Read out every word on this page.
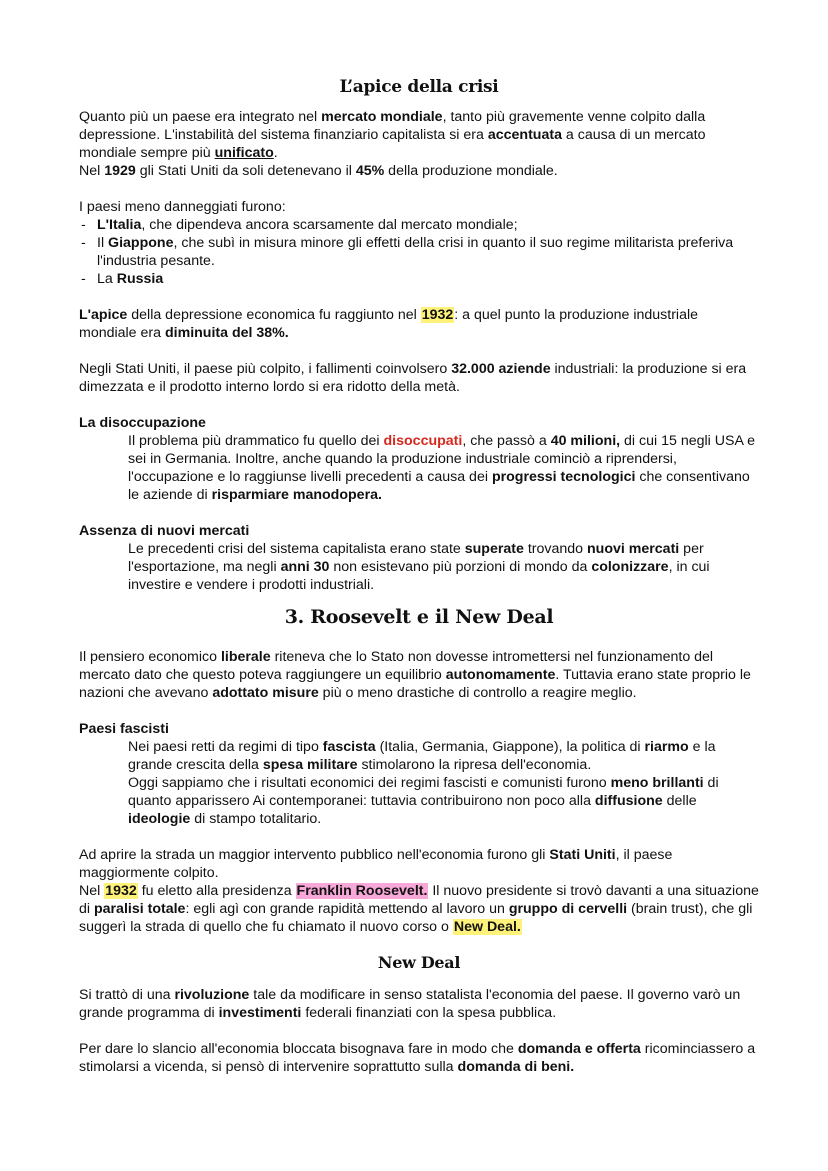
L’apice della crisi

Quanto più un paese era integrato nel mercato mondiale, tanto più gravemente venne colpito dalla depressione. L'instabilità del sistema finanziario capitalista si era accentuata a causa di un mercato mondiale sempre più unificato.

Nel 1929 gli Stati Uniti da soli detenevano il 45% della produzione mondiale.

I paesi meno danneggiati furono:

- L'Italia, che dipendeva ancora scarsamente dal mercato mondiale;
- Il Giappone, che subì in misura minore gli effetti della crisi in quanto il suo regime militarista preferiva l'industria pesante.
- La Russia

L'apice della depressione economica fu raggiunto nel 1932: a quel punto la produzione industriale mondiale era diminuita del 38%.

Negli Stati Uniti, il paese più colpito, i fallimenti coinvolsero 32.000 aziende industriali: la produzione si era dimezzata e il prodotto interno lordo si era ridotto della metà.

La disoccupazione

Il problema più drammatico fu quello dei disoccupati, che passò a 40 milioni, di cui 15 negli USA e sei in Germania. Inoltre, anche quando la produzione industriale cominciò a riprendersi, l'occupazione e lo raggiunse livelli precedenti a causa dei progressi tecnologici che consentivano le aziende di risparmiare manodopera.

Assenza di nuovi mercati

Le precedenti crisi del sistema capitalista erano state superate trovando nuovi mercati per l'esportazione, ma negli anni 30 non esistevano più porzioni di mondo da colonizzare, in cui investire e vendere i prodotti industriali.

3. Roosevelt e il New Deal

Il pensiero economico liberale riteneva che lo Stato non dovesse intromettersi nel funzionamento del mercato dato che questo poteva raggiungere un equilibrio autonomamente. Tuttavia erano state proprio le nazioni che avevano adottato misure più o meno drastiche di controllo a reagire meglio.

Paesi fascisti

Nei paesi retti da regimi di tipo fascista (Italia, Germania, Giappone), la politica di riarmo e la grande crescita della spesa militare stimolarono la ripresa dell'economia.

Oggi sappiamo che i risultati economici dei regimi fascisti e comunisti furono meno brillanti di quanto apparissero Ai contemporanei: tuttavia contribuirono non poco alla diffusione delle ideologie di stampo totalitario.

Ad aprire la strada un maggior intervento pubblico nell'economia furono gli Stati Uniti, il paese maggiormente colpito.

Nel 1932 fu eletto alla presidenza Franklin Roosevelt. Il nuovo presidente si trovò davanti a una situazione di paralisi totale: egli agì con grande rapidità mettendo al lavoro un gruppo di cervelli (brain trust), che gli suggerì la strada di quello che fu chiamato il nuovo corso o New Deal.

New Deal

Si trattò di una rivoluzione tale da modificare in senso statalista l'economia del paese. Il governo varò un grande programma di investimenti federali finanziati con la spesa pubblica.

Per dare lo slancio all'economia bloccata bisognava fare in modo che domanda e offerta ricominciassero a stimolarsi a vicenda, si pensò di intervenire soprattutto sulla domanda di beni.
